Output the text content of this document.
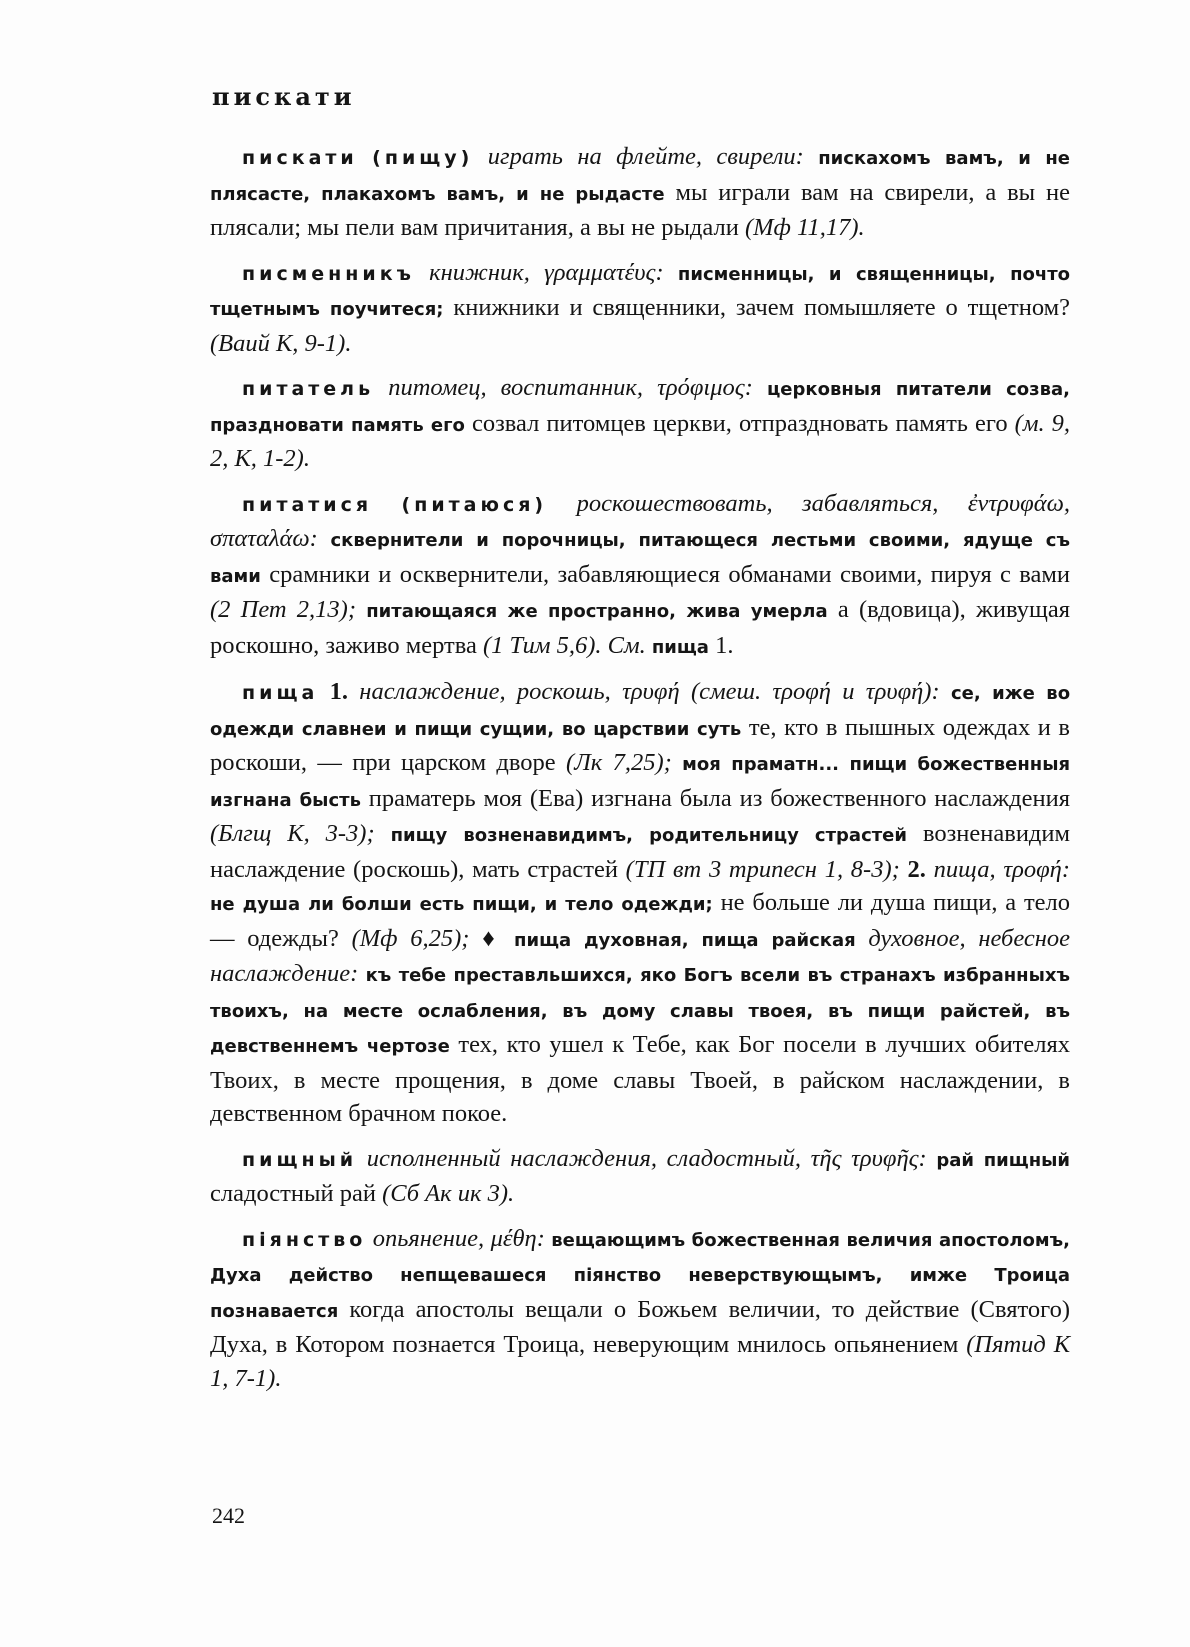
пискати

пискати (пищу) играть на флейте, свирели: пискахомъ вамъ, и не плясасте, плакахомъ вамъ, и не рыдасте мы играли вам на свирели, а вы не плясали; мы пели вам причитания, а вы не рыдали (Мф 11,17).

писменникъ книжник, γραμματέυς: писменницы, и священницы, почто тщетнымъ поучитеся; книжники и священники, зачем помышляете о тщетном? (Ваий К, 9-1).

питатель питомец, воспитанник, τρόφιμος: церковныя питатели созва, праздновати память его созвал питомцев церкви, отпраздновать память его (м. 9, 2, К, 1-2).

питатися (питаюся) роскошествовать, забавляться, ἐντρυφάω, σπαταλάω: сквернители и порочницы, питающеся лестьми своими, ядуще съ вами срамники и осквернители, забавляющиеся обманами своими, пируя с вами (2 Пет 2,13); питающаяся же пространно, жива умерла а (вдовица), живущая роскошно, заживо мертва (1 Тим 5,6). См. пища 1.

пища 1. наслаждение, роскошь, τρυφή (смеш. τροφή и τρυφή): се, иже во одежди славнеи и пищи сущии, во царствии суть те, кто в пышных одеждах и в роскоши, — при царском дворе (Лк 7,25); моя праматн... пищи божественныя изгнана бысть праматерь моя (Ева) изгнана была из божественного наслаждения (Блгщ К, 3-3); пищу возненавидимъ, родительницу страстей возненавидим наслаждение (роскошь), мать страстей (ТП вт 3 трипесн 1, 8-3); 2. пища, τροφή: не душа ли болши есть пищи, и тело одежди; не больше ли душа пищи, а тело — одежды? (Мф 6,25); ♦ пища духовная, пища райская духовное, небесное наслаждение: къ тебе преставльшихся, яко Богъ всели въ странахъ избранныхъ твоихъ, на месте ослабления, въ дому славы твоея, въ пищи райстей, въ девственнемъ чертозе тех, кто ушел к Тебе, как Бог посели в лучших обителях Твоих, в месте прощения, в доме славы Твоей, в райском наслаждении, в девственном брачном покое.

пищный исполненный наслаждения, сладостный, τῆς τρυφῆς: рай пищный сладостный рай (Сб Ак ик 3).

піянство опьянение, μέθη: вещающимъ божественная величия апостоломъ, Духа действо непщевашеся піянство неверствующымъ, имже Троица познавается когда апостолы вещали о Божьем величии, то действие (Святого) Духа, в Котором познается Троица, неверующим мнилось опьянением (Пятид К 1, 7-1).

242
